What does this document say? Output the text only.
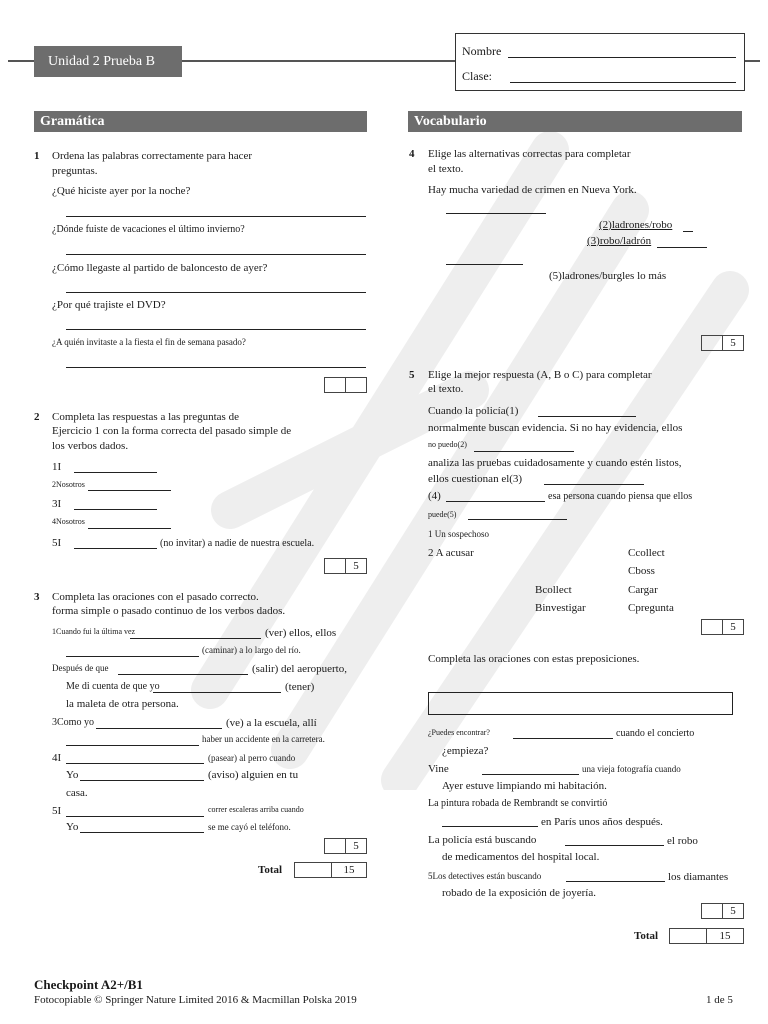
Unidad 2 Prueba B
Nombre
Clase:
Gramática	Vocabulario
1 Ordena las palabras correctamente para hacer
preguntas.
¿Qué hiciste ayer por la noche?
¿Dónde fuiste de vacaciones el último invierno?
¿Cómo llegaste al partido de baloncesto de ayer?
¿Por qué trajiste el DVD?
¿A quién invitaste a la fiesta el fin de semana pasado?
2 Completa las respuestas a las preguntas de
Ejercicio 1 con la forma correcta del pasado simple de
los verbos dados.
1I
2Nosotros
3I
4Nosotros
5I	(no invitar) a nadie de nuestra escuela.
5
3 Completa las oraciones con el pasado correcto.
forma simple o pasado continuo de los verbos dados.
1Cuando fui la última vez	(ver) ellos, ellos
(caminar) a lo largo del río.
Después de que	(salir) del aeropuerto,
Me di cuenta de que yo	(tener)
la maleta de otra persona.
3Como yo	(ve) a la escuela, allí
haber un accidente en la carretera.
4I	(pasear) al perro cuando
Yo	(aviso) alguien en tu
casa.
5I	correr escaleras arriba cuando
Yo	se me cayó el teléfono.
5
Total	15
4 Elige las alternativas correctas para completar
el texto.
Hay mucha variedad de crimen en Nueva York.
(2)ladrones/robo
(3)robo/ladrón
(5)ladrones/burgles lo más
5
5 Elige la mejor respuesta (A, B o C) para completar
el texto.
Cuando la policía(1)
normalmente buscan evidencia. Si no hay evidencia, ellos
no puedo(2)
analiza las pruebas cuidadosamente y cuando estén listos,
ellos cuestionan el(3)
(4)	esa persona cuando piensa que ellos
puede(5)
1 Un sospechoso
2 A acusar	Ccollect
Cboss
Bcollect	Cargar
Binvestigar	Cpregunta
5
Completa las oraciones con estas preposiciones.
¿Puedes encontrar?	cuando el concierto
¿empieza?
Vine	una vieja fotografía cuando
Ayer estuve limpiando mi habitación.
La pintura robada de Rembrandt se convirtió
en París unos años después.
La policía está buscando	el robo
de medicamentos del hospital local.
5Los detectives están buscando	los diamantes
robado de la exposición de joyería.
5
Total	15
Checkpoint A2+/B1
Fotocopiable © Springer Nature Limited 2016 & Macmillan Polska 2019	1 de 5
